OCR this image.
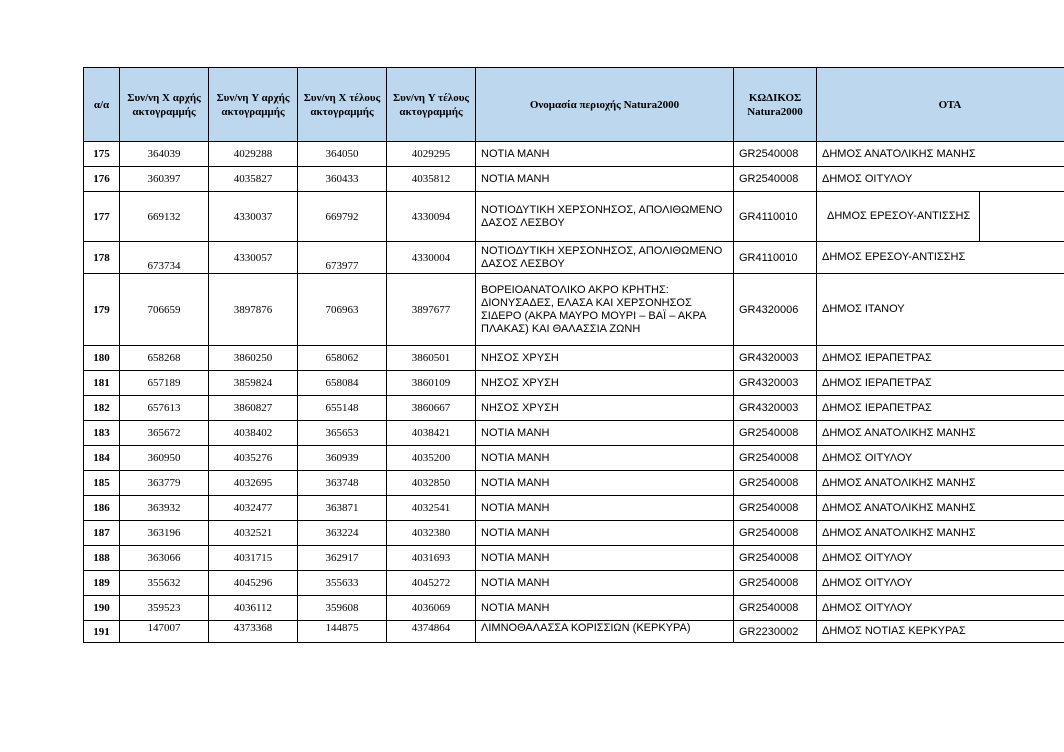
α/α	Συν/νη X αρχής ακτογραμμής	Συν/νη Y αρχής ακτογραμμής	Συν/νη X τέλους ακτογραμμής	Συν/νη Y τέλους ακτογραμμής	Ονομασία περιοχής Natura2000	ΚΩΔΙΚΟΣ Natura2000	ΟΤΑ
175	364039	4029288	364050	4029295	ΝΟΤΙΑ ΜΑΝΗ	GR2540008	ΔΗΜΟΣ ΑΝΑΤΟΛΙΚΗΣ ΜΑΝΗΣ
176	360397	4035827	360433	4035812	ΝΟΤΙΑ ΜΑΝΗ	GR2540008	ΔΗΜΟΣ ΟΙΤΥΛΟΥ
177	669132	4330037	669792	4330094	ΝΟΤΙΟΔΥΤΙΚΗ ΧΕΡΣΟΝΗΣΟΣ, ΑΠΟΛΙΘΩΜΕΝΟ ΔΑΣΟΣ ΛΕΣΒΟΥ	GR4110010	ΔΗΜΟΣ ΕΡΕΣΟΥ-ΑΝΤΙΣΣΗΣ

178	673734	4330057	673977	4330004	ΝΟΤΙΟΔΥΤΙΚΗ ΧΕΡΣΟΝΗΣΟΣ, ΑΠΟΛΙΘΩΜΕΝΟ ΔΑΣΟΣ ΛΕΣΒΟΥ	GR4110010	ΔΗΜΟΣ ΕΡΕΣΟΥ-ΑΝΤΙΣΣΗΣ
179	706659	3897876	706963	3897677	ΒΟΡΕΙΟΑΝΑΤΟΛΙΚΟ ΑΚΡΟ ΚΡΗΤΗΣ: ΔΙΟΝΥΣΑΔΕΣ, ΕΛΑΣΑ ΚΑΙ ΧΕΡΣΟΝΗΣΟΣ ΣΙΔΕΡΟ (ΑΚΡΑ ΜΑΥΡΟ ΜΟΥΡΙ – ΒΑΪ – ΑΚΡΑ ΠΛΑΚΑΣ) ΚΑΙ ΘΑΛΑΣΣΙΑ ΖΩΝΗ	GR4320006	ΔΗΜΟΣ ΙΤΑΝΟΥ
180	658268	3860250	658062	3860501	ΝΗΣΟΣ ΧΡΥΣΗ	GR4320003	ΔΗΜΟΣ ΙΕΡΑΠΕΤΡΑΣ
181	657189	3859824	658084	3860109	ΝΗΣΟΣ ΧΡΥΣΗ	GR4320003	ΔΗΜΟΣ ΙΕΡΑΠΕΤΡΑΣ
182	657613	3860827	655148	3860667	ΝΗΣΟΣ ΧΡΥΣΗ	GR4320003	ΔΗΜΟΣ ΙΕΡΑΠΕΤΡΑΣ
183	365672	4038402	365653	4038421	ΝΟΤΙΑ ΜΑΝΗ	GR2540008	ΔΗΜΟΣ ΑΝΑΤΟΛΙΚΗΣ ΜΑΝΗΣ
184	360950	4035276	360939	4035200	ΝΟΤΙΑ ΜΑΝΗ	GR2540008	ΔΗΜΟΣ ΟΙΤΥΛΟΥ
185	363779	4032695	363748	4032850	ΝΟΤΙΑ ΜΑΝΗ	GR2540008	ΔΗΜΟΣ ΑΝΑΤΟΛΙΚΗΣ ΜΑΝΗΣ
186	363932	4032477	363871	4032541	ΝΟΤΙΑ ΜΑΝΗ	GR2540008	ΔΗΜΟΣ ΑΝΑΤΟΛΙΚΗΣ ΜΑΝΗΣ
187	363196	4032521	363224	4032380	ΝΟΤΙΑ ΜΑΝΗ	GR2540008	ΔΗΜΟΣ ΑΝΑΤΟΛΙΚΗΣ ΜΑΝΗΣ
188	363066	4031715	362917	4031693	ΝΟΤΙΑ ΜΑΝΗ	GR2540008	ΔΗΜΟΣ ΟΙΤΥΛΟΥ
189	355632	4045296	355633	4045272	ΝΟΤΙΑ ΜΑΝΗ	GR2540008	ΔΗΜΟΣ ΟΙΤΥΛΟΥ
190	359523	4036112	359608	4036069	ΝΟΤΙΑ ΜΑΝΗ	GR2540008	ΔΗΜΟΣ ΟΙΤΥΛΟΥ
191	147007	4373368	144875	4374864	ΛΙΜΝΟΘΑΛΑΣΣΑ ΚΟΡΙΣΣΙΩΝ (ΚΕΡΚΥΡΑ)	GR2230002	ΔΗΜΟΣ ΝΟΤΙΑΣ ΚΕΡΚΥΡΑΣ
